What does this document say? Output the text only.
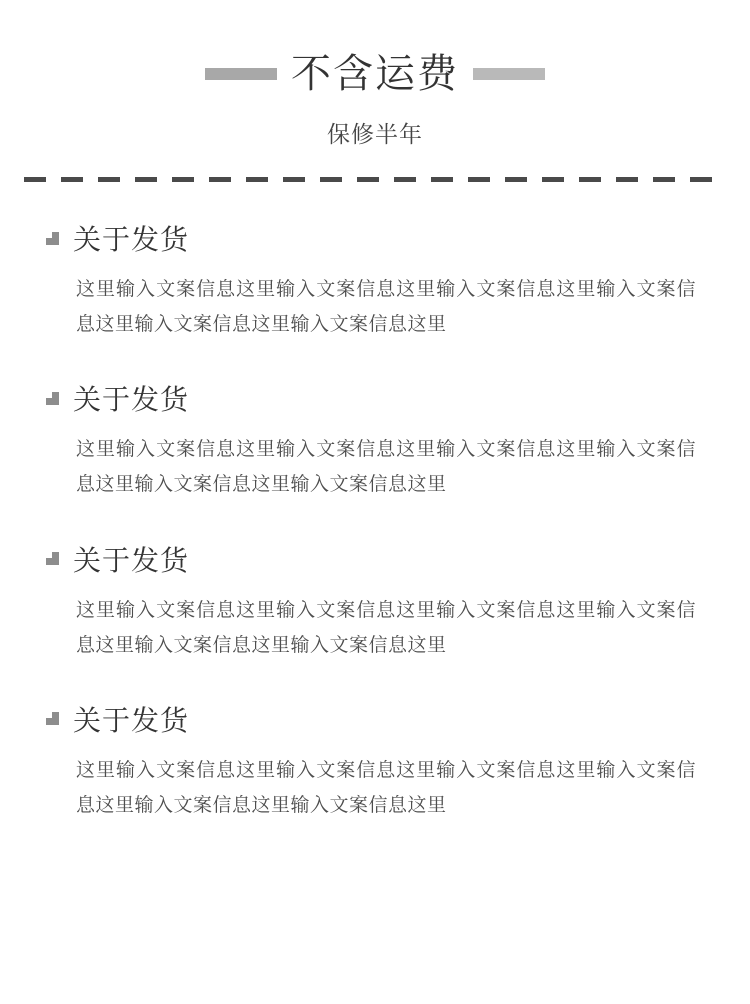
不含运费
保修半年
关于发货
这里输入文案信息这里输入文案信息这里输入文案信息这里输入文案信息这里输入文案信息这里输入文案信息这里
关于发货
这里输入文案信息这里输入文案信息这里输入文案信息这里输入文案信息这里输入文案信息这里输入文案信息这里
关于发货
这里输入文案信息这里输入文案信息这里输入文案信息这里输入文案信息这里输入文案信息这里输入文案信息这里
关于发货
这里输入文案信息这里输入文案信息这里输入文案信息这里输入文案信息这里输入文案信息这里输入文案信息这里
